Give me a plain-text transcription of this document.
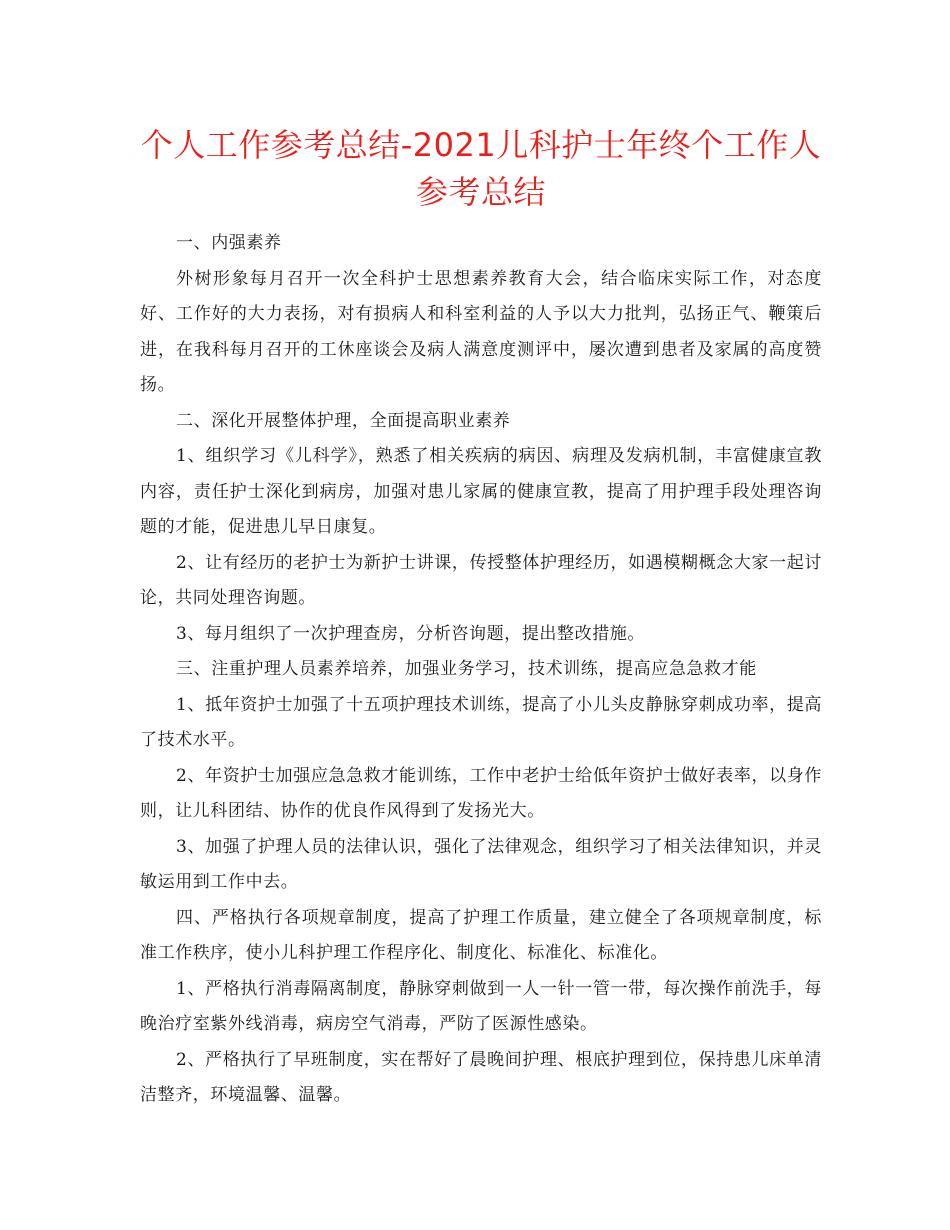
个人工作参考总结-2021儿科护士年终个工作人
参考总结

一、内强素养

外树形象每月召开一次全科护士思想素养教育大会，结合临床实际工作，对态度好、工作好的大力表扬，对有损病人和科室利益的人予以大力批判，弘扬正气、鞭策后进，在我科每月召开的工休座谈会及病人满意度测评中，屡次遭到患者及家属的高度赞扬。

二、深化开展整体护理，全面提高职业素养

1、组织学习《儿科学》，熟悉了相关疾病的病因、病理及发病机制，丰富健康宣教内容，责任护士深化到病房，加强对患儿家属的健康宣教，提高了用护理手段处理咨询题的才能，促进患儿早日康复。

2、让有经历的老护士为新护士讲课，传授整体护理经历，如遇模糊概念大家一起讨论，共同处理咨询题。

3、每月组织了一次护理查房，分析咨询题，提出整改措施。

三、注重护理人员素养培养，加强业务学习，技术训练，提高应急急救才能

1、抵年资护士加强了十五项护理技术训练，提高了小儿头皮静脉穿刺成功率，提高了技术水平。

2、年资护士加强应急急救才能训练，工作中老护士给低年资护士做好表率，以身作则，让儿科团结、协作的优良作风得到了发扬光大。

3、加强了护理人员的法律认识，强化了法律观念，组织学习了相关法律知识，并灵敏运用到工作中去。

四、严格执行各项规章制度，提高了护理工作质量，建立健全了各项规章制度，标准工作秩序，使小儿科护理工作程序化、制度化、标准化、标准化。

1、严格执行消毒隔离制度，静脉穿刺做到一人一针一管一带，每次操作前洗手，每晚治疗室紫外线消毒，病房空气消毒，严防了医源性感染。

2、严格执行了早班制度，实在帮好了晨晚间护理、根底护理到位，保持患儿床单清洁整齐，环境温馨、温馨。
